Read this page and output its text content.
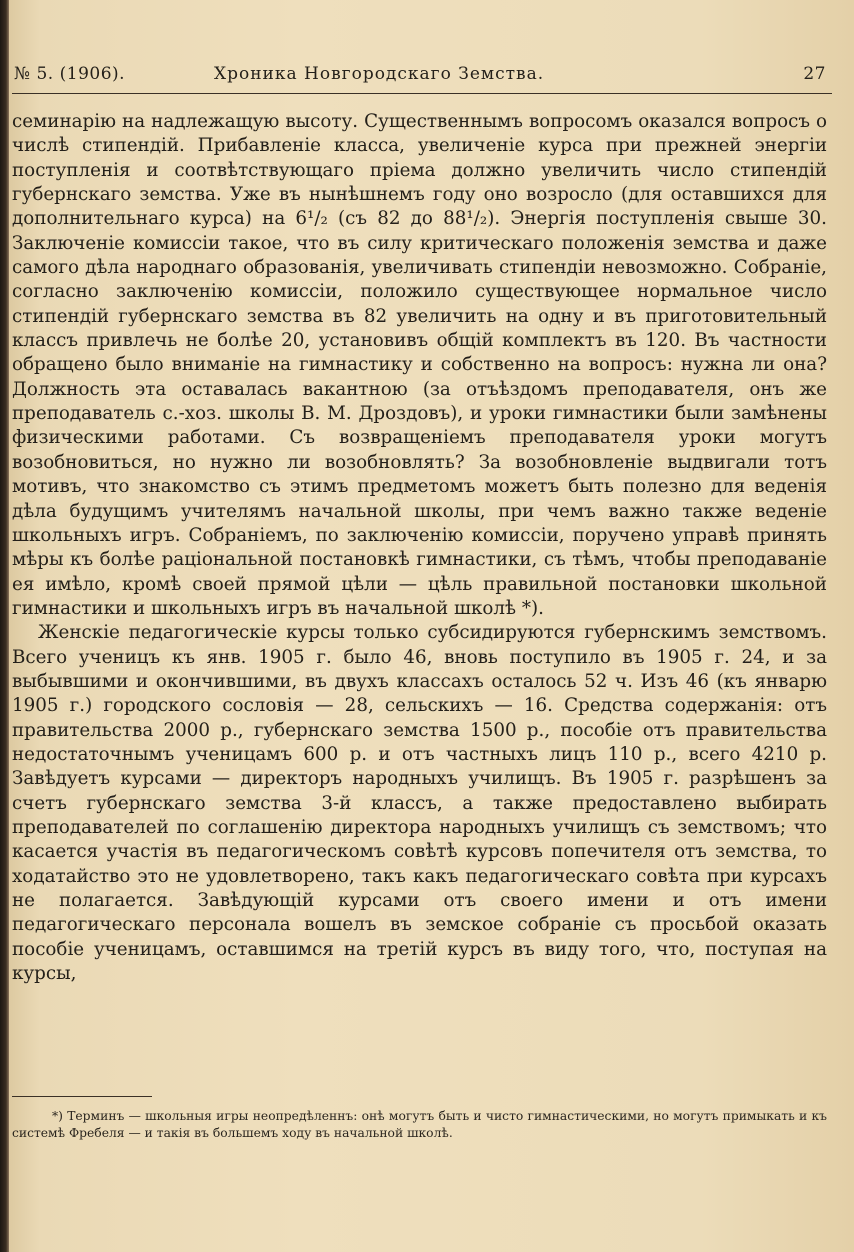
№ 5. (1906).	Хроника Новгородскаго Земства.	27

семинарію на надлежащую высоту. Существеннымъ вопросомъ оказался вопросъ о числѣ стипендій. Прибавленіе класса, увеличеніе курса при прежней энергіи поступленія и соотвѣтствующаго пріема должно увеличить число стипендій губернскаго земства. Уже въ нынѣшнемъ году оно возросло (для оставшихся для дополнительнаго курса) на 6¹/₂ (съ 82 до 88¹/₂). Энергія поступленія свыше 30. Заключеніе комиссіи такое, что въ силу критическаго положенія земства и даже самого дѣла народнаго образованія, увеличивать стипендіи невозможно. Собраніе, согласно заключенію комиссіи, положило существующее нормальное число стипендій губернскаго земства въ 82 увеличить на одну и въ приготовительный классъ привлечь не болѣе 20, установивъ общій комплектъ въ 120. Въ частности обращено было вниманіе на гимнастику и собственно на вопросъ: нужна ли она? Должность эта оставалась вакантною (за отъѣздомъ преподавателя, онъ же преподаватель с.-хоз. школы В. М. Дроздовъ), и уроки гимнастики были замѣнены физическими работами. Съ возвращеніемъ преподавателя уроки могутъ возобновиться, но нужно ли возобновлять? За возобновленіе выдвигали тотъ мотивъ, что знакомство съ этимъ предметомъ можетъ быть полезно для веденія дѣла будущимъ учителямъ начальной школы, при чемъ важно также веденіе школьныхъ игръ. Собраніемъ, по заключенію комиссіи, поручено управѣ принять мѣры къ болѣе раціональной постановкѣ гимнастики, съ тѣмъ, чтобы преподаваніе ея имѣло, кромѣ своей прямой цѣли — цѣль правильной постановки школьной гимнастики и школьныхъ игръ въ начальной школѣ *).

Женскіе педагогическіе курсы только субсидируются губернскимъ земствомъ. Всего ученицъ къ янв. 1905 г. было 46, вновь поступило въ 1905 г. 24, и за выбывшими и окончившими, въ двухъ классахъ осталось 52 ч. Изъ 46 (къ январю 1905 г.) городского сословія — 28, сельскихъ — 16. Средства содержанія: отъ правительства 2000 р., губернскаго земства 1500 р., пособіе отъ правительства недостаточнымъ ученицамъ 600 р. и отъ частныхъ лицъ 110 р., всего 4210 р. Завѣдуетъ курсами — директоръ народныхъ училищъ. Въ 1905 г. разрѣшенъ за счетъ губернскаго земства 3-й классъ, а также предоставлено выбирать преподавателей по соглашенію директора народныхъ училищъ съ земствомъ; что касается участія въ педагогическомъ совѣтѣ курсовъ попечителя отъ земства, то ходатайство это не удовлетворено, такъ какъ педагогическаго совѣта при курсахъ не полагается. Завѣдующій курсами отъ своего имени и отъ имени педагогическаго персонала вошелъ въ земское собраніе съ просьбой оказать пособіе ученицамъ, оставшимся на третій курсъ въ виду того, что, поступая на курсы,

*) Терминъ — школьныя игры неопредѣленнъ: онѣ могутъ быть и чисто гимнастическими, но могутъ примыкать и къ системѣ Фребеля — и такія въ большемъ ходу въ начальной школѣ.
